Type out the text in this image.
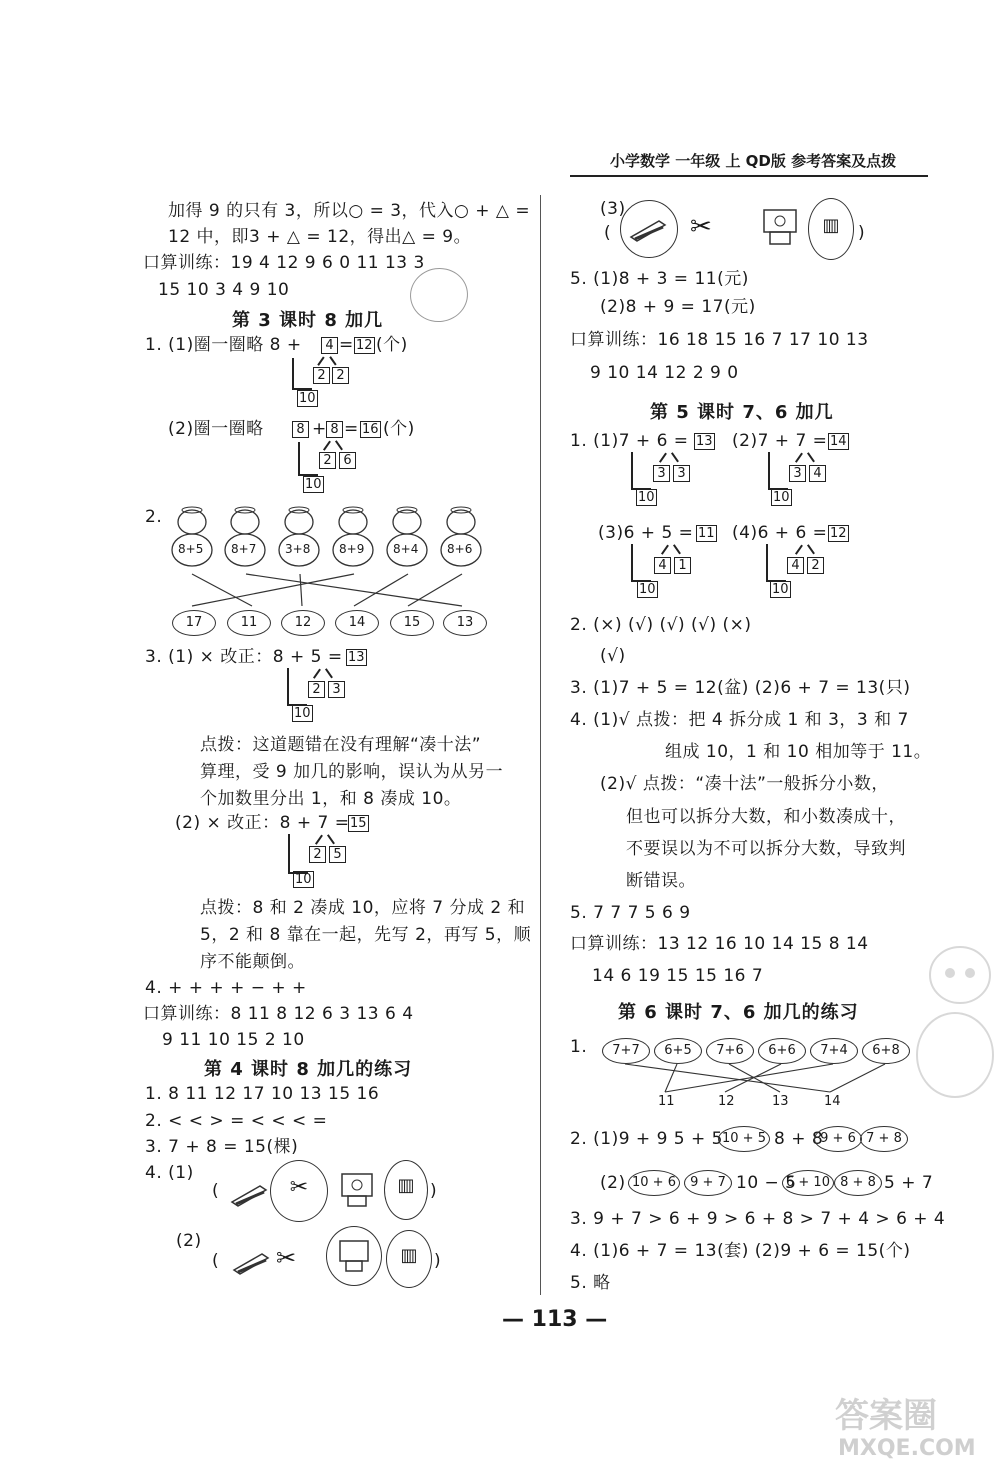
小学数学 一年级 上 QD版 参考答案及点拨
加得 9 的只有 3，所以○ = 3，代入○ + △ =
12 中，即3 + △ = 12，得出△ = 9。
口算训练：19 4 12 9 6 0 11 13 3
15 10 3 4 9 10
第 3 课时 8 加几
1. (1)圈一圈略 8 +	4 = 12 (个)
2 2
10
(2)圈一圈略	8 + 8 = 16 (个)
2 6
10
2.
8+5 8+7 3+8 8+9 8+4 8+6
17	11	12	14	15	13
3. (1) × 改正：8 + 5 = 13
2 3
10
点拨：这道题错在没有理解“凑十法”
算理，受 9 加几的影响，误认为从另一
个加数里分出 1，和 8 凑成 10。
(2) × 改正：8 + 7 = 15
2 5
10
点拨：8 和 2 凑成 10，应将 7 分成 2 和
5，2 和 8 靠在一起，先写 2，再写 5，顺
序不能颠倒。
4. + + + + − + +
口算训练：8 11 8 12 6 3 13 6 4
9 11 10 15 2 10
第 4 课时 8 加几的练习
1. 8 11 12 17 10 13 15 16
2. < < > = < < < =
3. 7 + 8 = 15(棵)
4. (1)
(	✂	▥ )
(2)
( ✂	▥ )
(3)
(	✂	▥	)
5. (1)8 + 3 = 11(元)
(2)8 + 9 = 17(元)
口算训练：16 18 15 16 7 17 10 13
9 10 14 12 2 9 0
第 5 课时 7、6 加几
1. (1)7 + 6 = 13
3 3
10
(2)7 + 7 = 14
3 4
10
(3)6 + 5 = 11
4 1
10
(4)6 + 6 = 12
4 2
10
2. (×) (√) (√) (√) (×)
(√)
3. (1)7 + 5 = 12(盆) (2)6 + 7 = 13(只)
4. (1)√ 点拨：把 4 拆分成 1 和 3，3 和 7
组成 10，1 和 10 相加等于 11。
(2)√ 点拨：“凑十法”一般拆分小数，
但也可以拆分大数，和小数凑成十，
不要误以为不可以拆分大数，导致判
断错误。
5. 7 7 7 5 6 9
口算训练：13 12 16 10 14 15 8 14
14 6 19 15 15 16 7
第 6 课时 7、6 加几的练习
1.	7+7	6+5	7+6	6+6	7+4	6+8
11	12	13	14
2. (1)9 + 9 5 + 5 10 + 5 8 + 8
9 + 6 7 + 8
(2) 10 + 6	9 + 7 10 − 5
6 + 10 8 + 8 5 + 7
3. 9 + 7 > 6 + 9 > 6 + 8 > 7 + 4 > 6 + 4
4. (1)6 + 7 = 13(套) (2)9 + 6 = 15(个)
5. 略
— 113 —
答案圈
MXQE.COM
